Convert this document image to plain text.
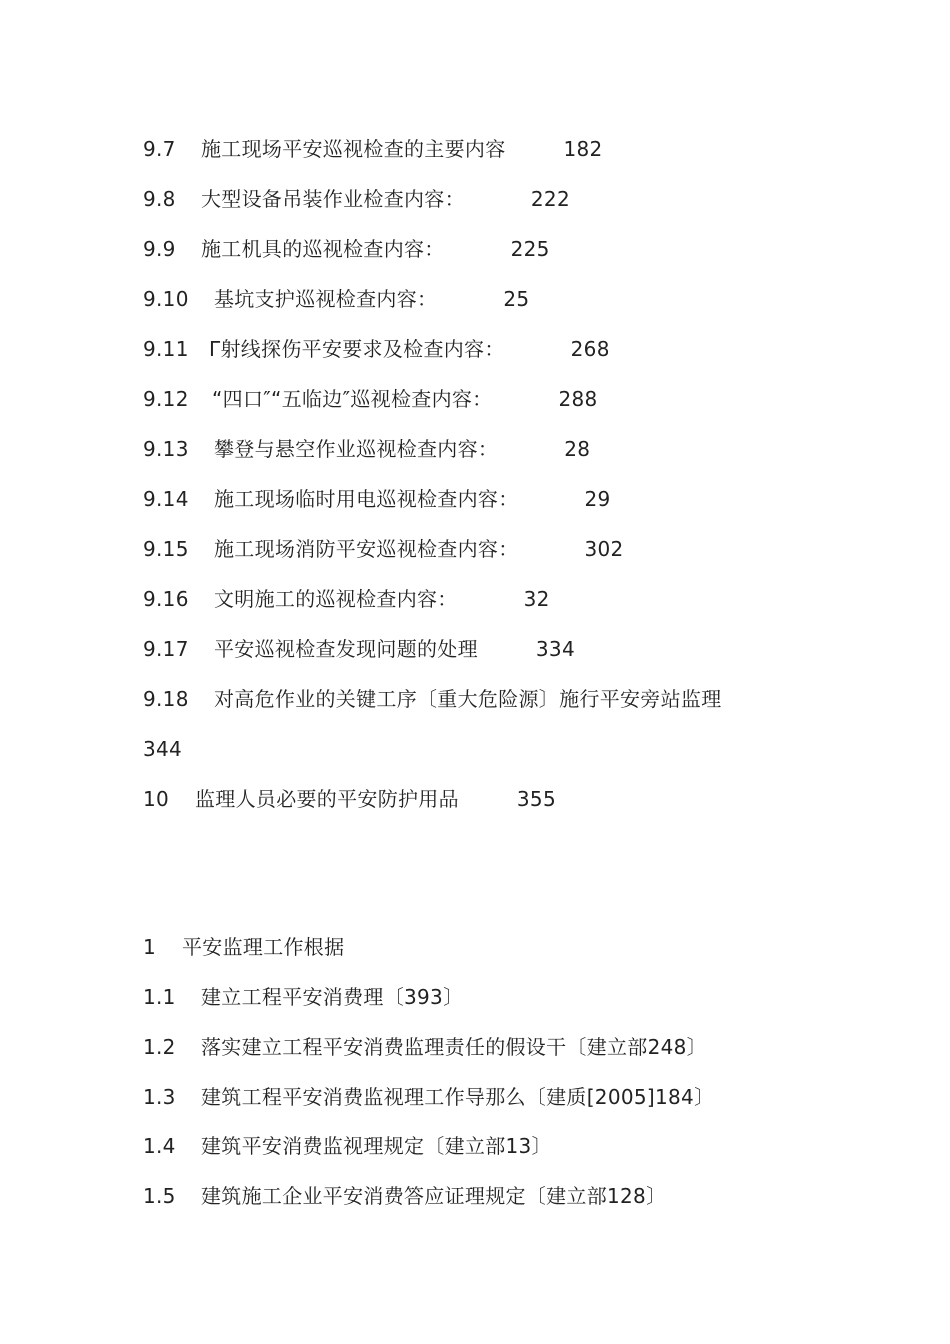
9.7 施工现场平安巡视检查的主要内容	182
9.8 大型设备吊装作业检查内容：	222
9.9 施工机具的巡视检查内容：	225
9.10 基坑支护巡视检查内容：	25
9.11 Γ射线探伤平安要求及检查内容：	268
9.12 “四口″“五临边″巡视检查内容：	288
9.13 攀登与悬空作业巡视检查内容：	28
9.14 施工现场临时用电巡视检查内容：	29
9.15 施工现场消防平安巡视检查内容：	302
9.16 文明施工的巡视检查内容：	32
9.17 平安巡视检查发现问题的处理	334
9.18 对高危作业的关键工序〔重大危险源〕施行平安旁站监理
344
10 监理人员必要的平安防护用品	355
1 平安监理工作根据
1.1 建立工程平安消费理〔393〕
1.2 落实建立工程平安消费监理责任的假设干〔建立部248〕
1.3 建筑工程平安消费监视理工作导那么〔建质[2005]184〕
1.4 建筑平安消费监视理规定〔建立部13〕
1.5 建筑施工企业平安消费答应证理规定〔建立部128〕
